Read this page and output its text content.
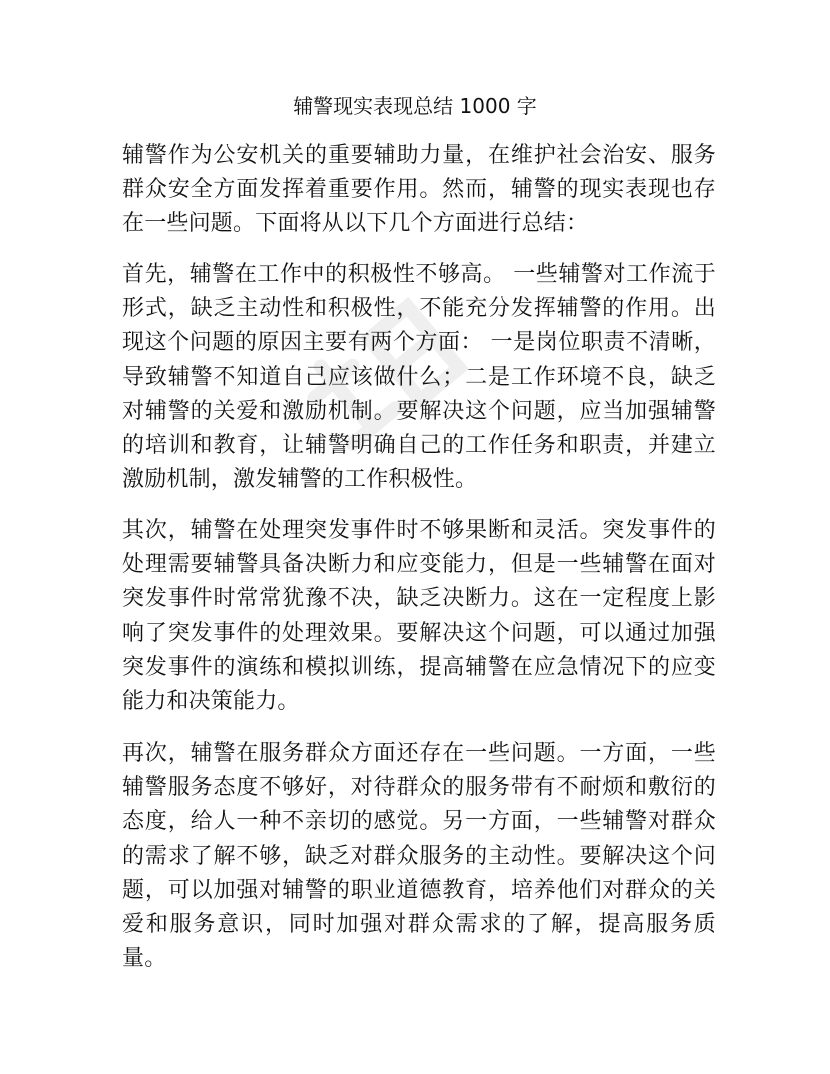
辅警现实表现总结 1000 字

辅警作为公安机关的重要辅助力量，在维护社会治安、服务群众安全方面发挥着重要作用。然而，辅警的现实表现也存在一些问题。下面将从以下几个方面进行总结：

首先，辅警在工作中的积极性不够高。 一些辅警对工作流于形式，缺乏主动性和积极性，不能充分发挥辅警的作用。出现这个问题的原因主要有两个方面： 一是岗位职责不清晰，导致辅警不知道自己应该做什么；二是工作环境不良，缺乏对辅警的关爱和激励机制。要解决这个问题，应当加强辅警的培训和教育，让辅警明确自己的工作任务和职责，并建立激励机制，激发辅警的工作积极性。

其次，辅警在处理突发事件时不够果断和灵活。突发事件的处理需要辅警具备决断力和应变能力，但是一些辅警在面对突发事件时常常犹豫不决，缺乏决断力。这在一定程度上影响了突发事件的处理效果。要解决这个问题，可以通过加强突发事件的演练和模拟训练，提高辅警在应急情况下的应变能力和决策能力。

再次，辅警在服务群众方面还存在一些问题。一方面，一些辅警服务态度不够好，对待群众的服务带有不耐烦和敷衍的态度，给人一种不亲切的感觉。另一方面，一些辅警对群众的需求了解不够，缺乏对群众服务的主动性。要解决这个问题，可以加强对辅警的职业道德教育，培养他们对群众的关爱和服务意识，同时加强对群众需求的了解，提高服务质量。
